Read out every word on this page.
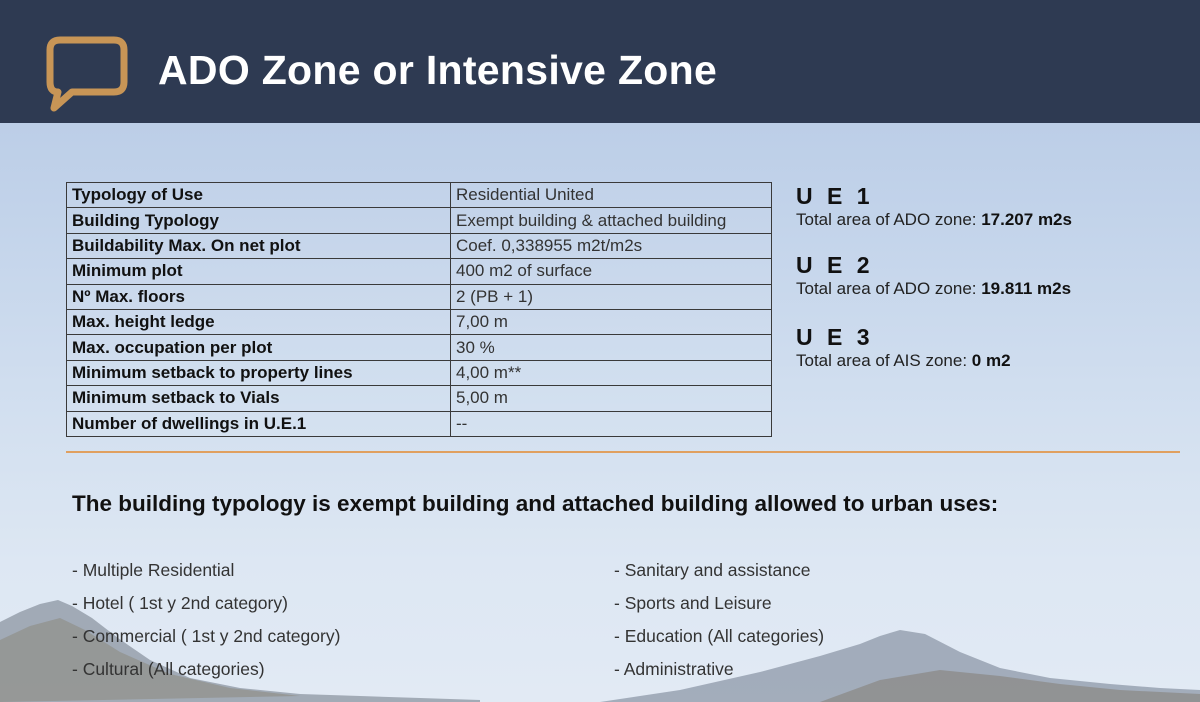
ADO Zone or Intensive Zone
Typology of Use	Residential United
Building Typology	Exempt building & attached building
Buildability Max. On net plot	Coef. 0,338955 m2t/m2s
Minimum plot	400 m2 of surface
Nº Max. floors	2 (PB + 1)
Max. height ledge	7,00 m
Max. occupation per plot	30 %
Minimum setback to property lines	4,00 m**
Minimum setback to Vials	5,00 m
Number of dwellings in U.E.1	--
U E 1
Total area of ADO zone: 17.207 m2s
U E 2
Total area of ADO zone: 19.811 m2s
U E 3
Total area of AIS zone: 0 m2
The building typology is exempt building and attached building allowed to urban uses:
- Multiple Residential
- Hotel ( 1st y 2nd category)
- Commercial ( 1st y 2nd category)
- Cultural (All categories)
- Sanitary and assistance
- Sports and Leisure
- Education (All categories)
- Administrative
